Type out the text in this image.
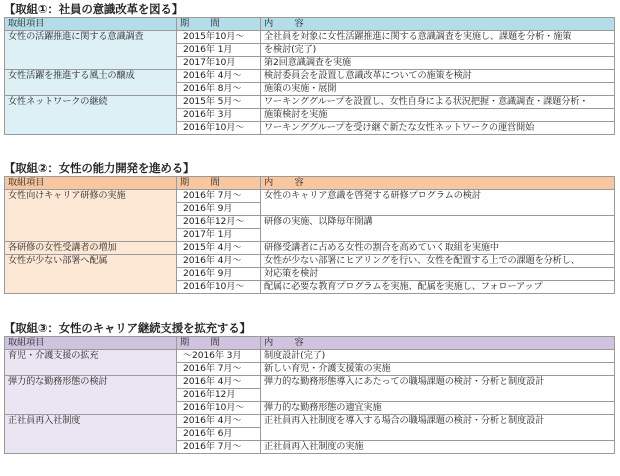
【取組①：社員の意識改革を図る】
取組項目	期　　間	内　　容
女性の活躍推進に関する意識調査	2015年10月～	全社員を対象に女性活躍推進に関する意識調査を実施し、課題を分析・施策
	2016年 1月	を検討(完了)
	2017年10月	第2回意識調査を実施
女性活躍を推進する風土の醸成	2016年 4月～	検討委員会を設置し意識改革についての施策を検討
	2016年 8月～	施策の実施・展開
女性ネットワークの継続	2015年 5月～	ワーキンググループを設置し、女性自身による状況把握・意識調査・課題分析・
	2016年 3月	施策検討を実施
	2016年10月～	ワーキンググループを受け継ぐ新たな女性ネットワークの運営開始
【取組②：女性の能力開発を進める】
取組項目	期　　間	内　　容
女性向けキャリア研修の実施	2016年 7月～	女性のキャリア意識を啓発する研修プログラムの検討
	2016年 9月	
	2016年12月～	研修の実施、以降毎年開講
	2017年 1月	
各研修の女性受講者の増加	2015年 4月～	研修受講者に占める女性の割合を高めていく取組を実施中
女性が少ない部署へ配属	2016年 4月～	女性が少ない部署にヒアリングを行い、女性を配置する上での課題を分析し、
	2016年 9月	対応策を検討
	2016年10月～	配属に必要な教育プログラムを実施、配属を実施し、フォローアップ
【取組③：女性のキャリア継続支援を拡充する】
取組項目	期　　間	内　　容
育児・介護支援の拡充	～2016年 3月	制度設計(完了)
	2016年 7月～	新しい育児・介護支援策の実施
弾力的な勤務形態の検討	2016年 4月～	弾力的な勤務形態導入にあたっての職場課題の検討・分析と制度設計
	2016年12月	
	2016年10月～	弾力的な勤務形態の適宜実施
正社員再入社制度	2016年 4月～	正社員再入社制度を導入する場合の職場課題の検討・分析と制度設計
	2016年 6月	
	2016年 7月～	正社員再入社制度の実施
